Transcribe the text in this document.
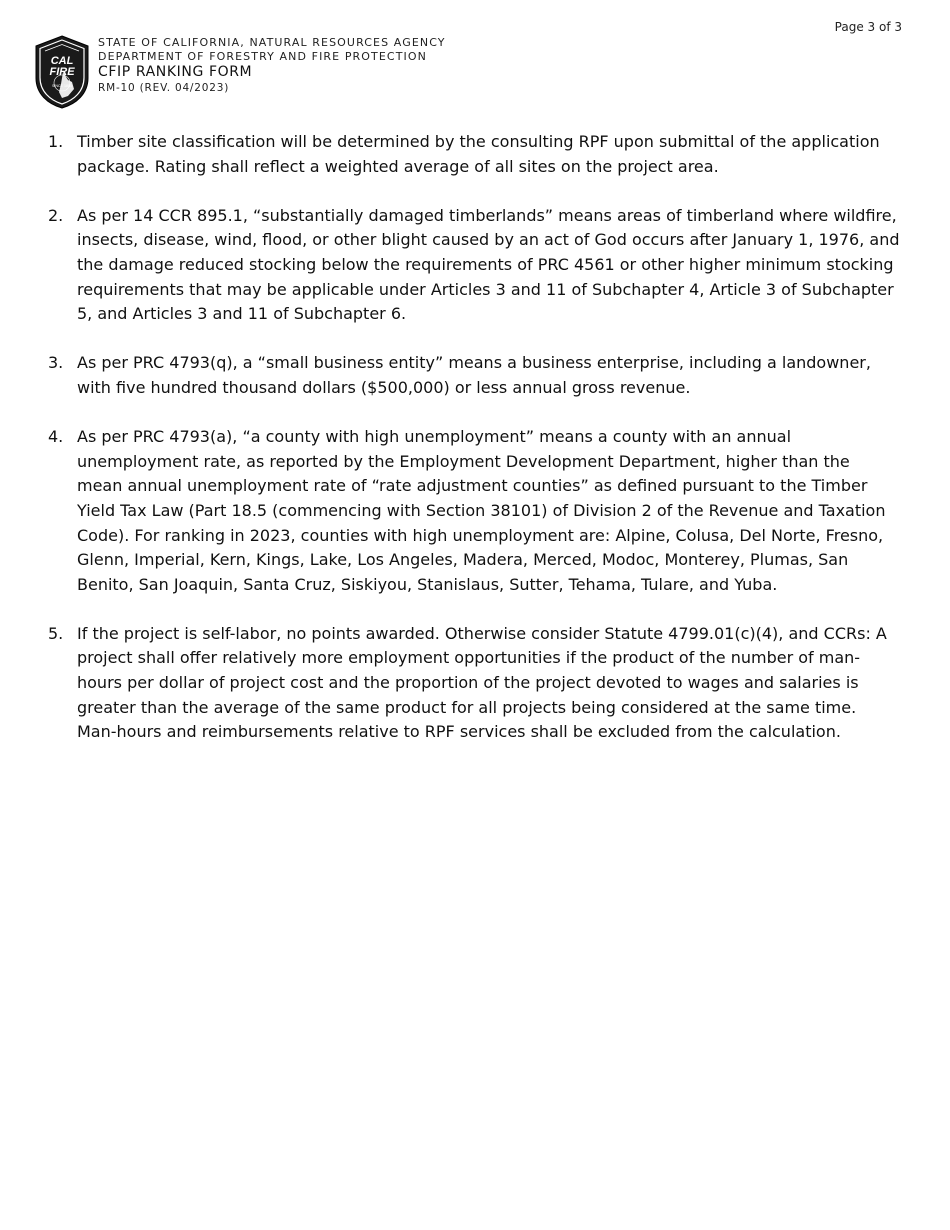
Page 3 of 3
CAL
FIRE
SINCE 1885
STATE OF CALIFORNIA, NATURAL RESOURCES AGENCY
DEPARTMENT OF FORESTRY AND FIRE PROTECTION
CFIP RANKING FORM
RM-10 (REV. 04/2023)
1. Timber site classification will be determined by the consulting RPF upon submittal of the application package. Rating shall reflect a weighted average of all sites on the project area.
2. As per 14 CCR 895.1, “substantially damaged timberlands” means areas of timberland where wildfire, insects, disease, wind, flood, or other blight caused by an act of God occurs after January 1, 1976, and the damage reduced stocking below the requirements of PRC 4561 or other higher minimum stocking requirements that may be applicable under Articles 3 and 11 of Subchapter 4, Article 3 of Subchapter 5, and Articles 3 and 11 of Subchapter 6.
3. As per PRC 4793(q), a “small business entity” means a business enterprise, including a landowner, with five hundred thousand dollars ($500,000) or less annual gross revenue.
4. As per PRC 4793(a), “a county with high unemployment” means a county with an annual unemployment rate, as reported by the Employment Development Department, higher than the mean annual unemployment rate of “rate adjustment counties” as defined pursuant to the Timber Yield Tax Law (Part 18.5 (commencing with Section 38101) of Division 2 of the Revenue and Taxation Code). For ranking in 2023, counties with high unemployment are: Alpine, Colusa, Del Norte, Fresno, Glenn, Imperial, Kern, Kings, Lake, Los Angeles, Madera, Merced, Modoc, Monterey, Plumas, San Benito, San Joaquin, Santa Cruz, Siskiyou, Stanislaus, Sutter, Tehama, Tulare, and Yuba.
5. If the project is self-labor, no points awarded. Otherwise consider Statute 4799.01(c)(4), and CCRs: A project shall offer relatively more employment opportunities if the product of the number of man-hours per dollar of project cost and the proportion of the project devoted to wages and salaries is greater than the average of the same product for all projects being considered at the same time. Man-hours and reimbursements relative to RPF services shall be excluded from the calculation.
